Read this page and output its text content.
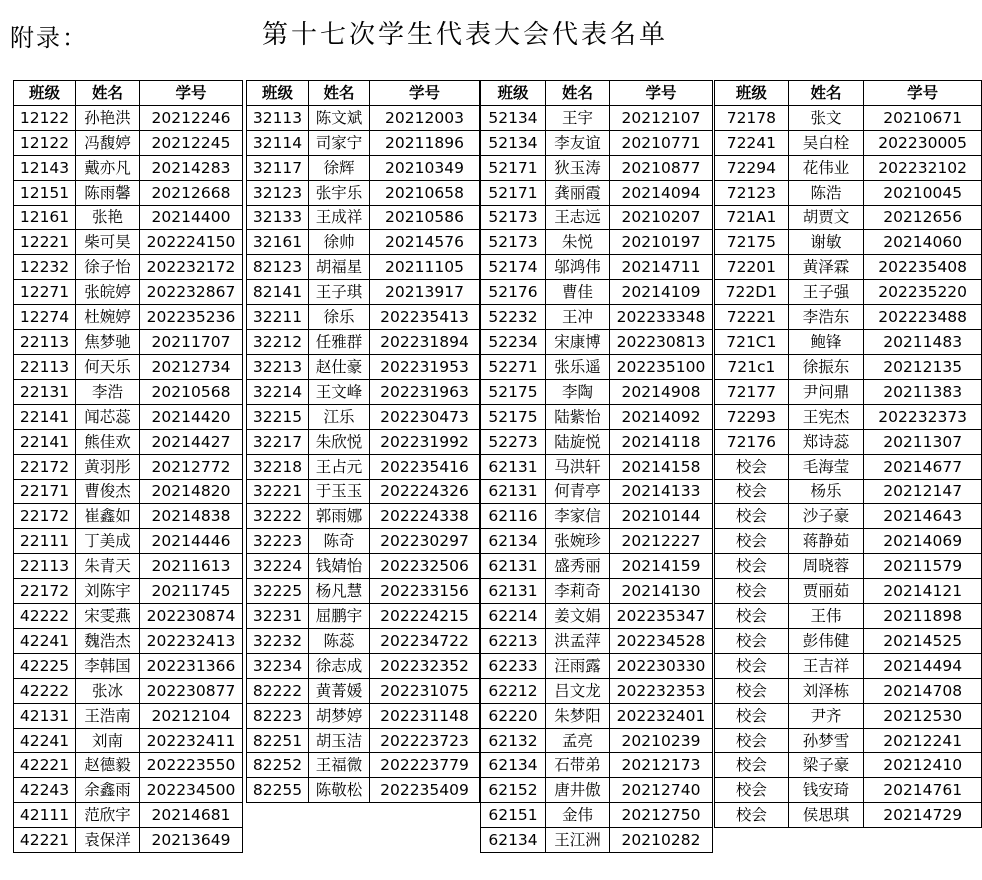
附录：	第十七次学生代表大会代表名单
班级	姓名	学号
12122	孙艳洪	20212246
12122	冯馥婷	20212245
12143	戴亦凡	20214283
12151	陈雨馨	20212668
12161	张艳	20214400
12221	柴可昊	202224150
12232	徐子怡	202232172
12271	张皖婷	202232867
12274	杜婉婷	202235236
22113	焦梦驰	20211707
22113	何天乐	20212734
22131	李浩	20210568
22141	闻芯蕊	20214420
22141	熊佳欢	20214427
22172	黄羽彤	20212772
22171	曹俊杰	20214820
22172	崔鑫如	20214838
22111	丁美成	20214446
22113	朱青天	20211613
22172	刘陈宇	20211745
42222	宋雯燕	202230874
42241	魏浩杰	202232413
42225	李韩国	202231366
42222	张冰	202230877
42131	王浩南	20212104
42241	刘南	202232411
42221	赵德毅	202223550
42243	余鑫雨	202234500
42111	范欣宇	20214681
42221	袁保洋	20213649
班级	姓名	学号
32113	陈文斌	20212003
32114	司家宁	20211896
32117	徐辉	20210349
32123	张宇乐	20210658
32133	王成祥	20210586
32161	徐帅	20214576
82123	胡福星	20211105
82141	王子琪	20213917
32211	徐乐	202235413
32212	任雅群	202231894
32213	赵仕豪	202231953
32214	王文峰	202231963
32215	江乐	202230473
32217	朱欣悦	202231992
32218	王占元	202235416
32221	于玉玉	202224326
32222	郭雨娜	202224338
32223	陈奇	202230297
32224	钱婧怡	202232506
32225	杨凡慧	202233156
32231	屈鹏宇	202224215
32232	陈蕊	202234722
32234	徐志成	202232352
82222	黄菁媛	202231075
82223	胡梦婷	202231148
82251	胡玉洁	202223723
82252	王福微	202223779
82255	陈敬松	202235409

班级	姓名	学号
52134	王宇	20212107
52134	李友谊	20210771
52171	狄玉涛	20210877
52171	龚丽霞	20214094
52173	王志远	20210207
52173	朱悦	20210197
52174	邬鸿伟	20214711
52176	曹佳	20214109
52232	王冲	202233348
52234	宋康博	202230813
52271	张乐遥	202235100
52175	李陶	20214908
52175	陆紫怡	20214092
52273	陆旋悦	20214118
62131	马洪轩	20214158
62131	何青亭	20214133
62116	李家信	20210144
62134	张婉珍	20212227
62131	盛秀丽	20214159
62131	李莉奇	20214130
62214	姜文娟	202235347
62213	洪孟萍	202234528
62233	汪雨露	202230330
62212	吕文龙	202232353
62220	朱梦阳	202232401
62132	孟亮	20210239
62134	石带弟	20212173
62152	唐井傲	20212740
62151	金伟	20212750
62134	王江洲	20210282
班级	姓名	学号
72178	张文	20210671
72241	吴白栓	202230005
72294	花伟业	202232102
72123	陈浩	20210045
721A1	胡贾文	20212656
72175	谢敏	20214060
72201	黄泽霖	202235408
722D1	王子强	202235220
72221	李浩东	202223488
721C1	鲍锋	20211483
721c1	徐振东	20212135
72177	尹问鼎	20211383
72293	王宪杰	202232373
72176	郑诗蕊	20211307
校会	毛海莹	20214677
校会	杨乐	20212147
校会	沙子豪	20214643
校会	蒋静茹	20214069
校会	周晓蓉	20211579
校会	贾丽茹	20214121
校会	王伟	20211898
校会	彭伟健	20214525
校会	王吉祥	20214494
校会	刘泽栋	20214708
校会	尹齐	20212530
校会	孙梦雪	20212241
校会	梁子豪	20212410
校会	钱安琦	20214761
校会	侯思琪	20214729
